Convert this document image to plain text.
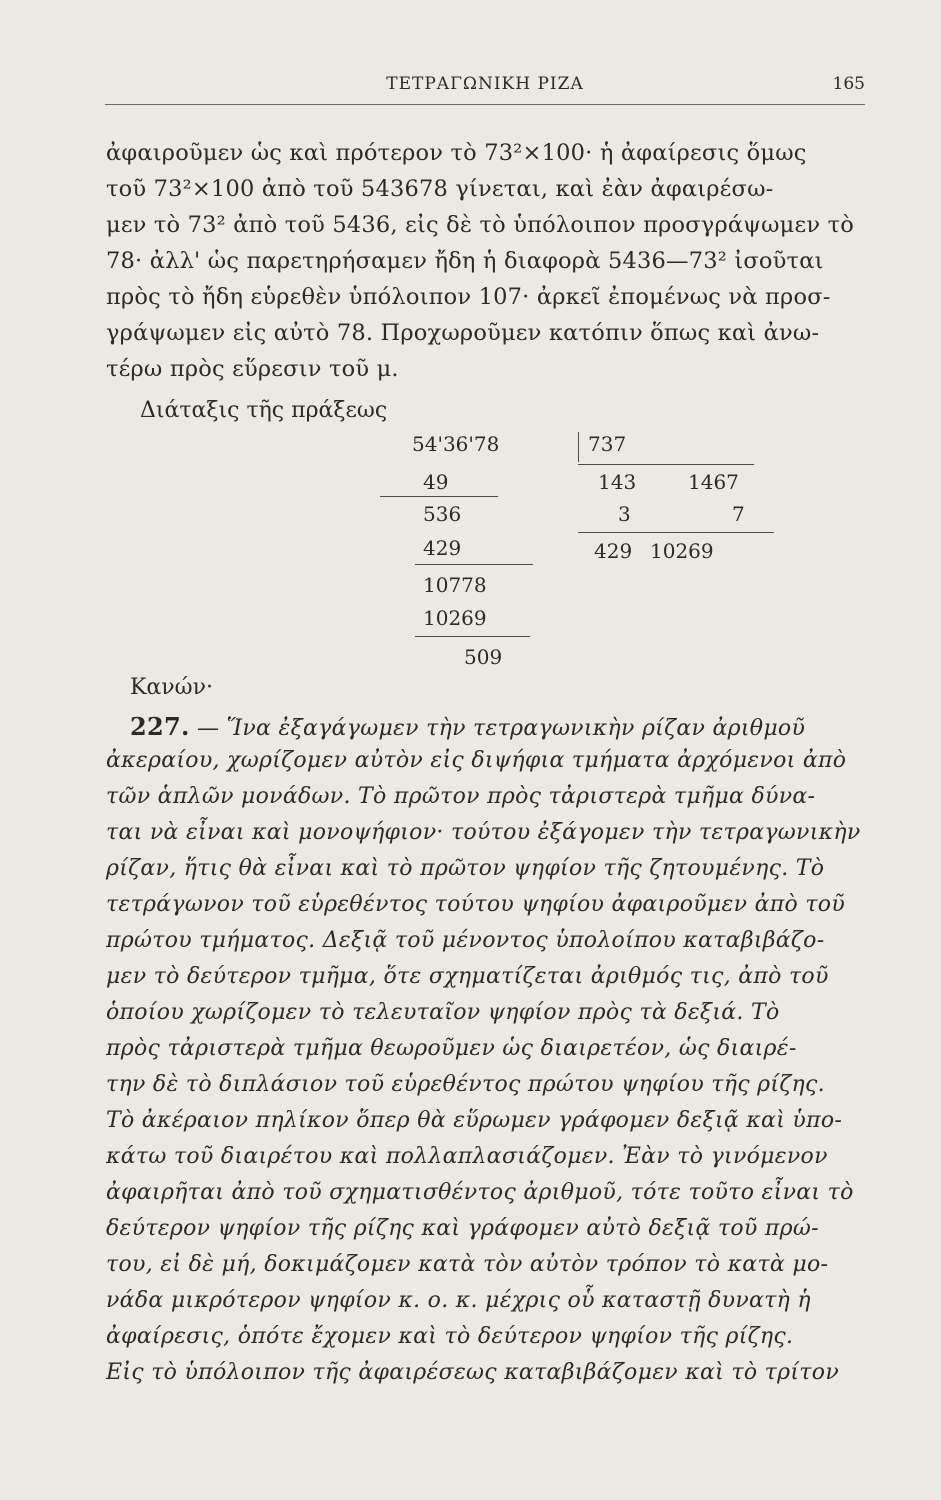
ΤΕΤΡΑΓΩΝΙΚΗ ΡΙΖΑ	165
ἀφαιροῦμεν ὡς καὶ πρότερον τὸ 73²×100· ἡ ἀφαίρεσις ὅμως
τοῦ 73²×100 ἀπὸ τοῦ 543678 γίνεται, καὶ ἐὰν ἀφαιρέσω-
μεν τὸ 73² ἀπὸ τοῦ 5436, εἰς δὲ τὸ ὑπόλοιπον προσγράψωμεν τὸ
78· ἀλλ' ὡς παρετηρήσαμεν ἤδη ἡ διαφορὰ 5436—73² ἰσοῦται
πρὸς τὸ ἤδη εὑρεθὲν ὑπόλοιπον 107· ἀρκεῖ ἐπομένως νὰ προσ-
γράψωμεν εἰς αὐτὸ 78. Προχωροῦμεν κατόπιν ὅπως καὶ ἀνω-
τέρω πρὸς εὕρεσιν τοῦ μ.
Διάταξις τῆς πράξεως
54'36'78
49
536
429
10778
10269
509
737
143	1467
3	7
429 10269
Κανών·
227. — Ἵνα ἐξαγάγωμεν τὴν τετραγωνικὴν ρίζαν ἀριθμοῦ
ἀκεραίου, χωρίζομεν αὐτὸν εἰς διψήφια τμήματα ἀρχόμενοι ἀπὸ
τῶν ἁπλῶν μονάδων. Τὸ πρῶτον πρὸς τἀριστερὰ τμῆμα δύνα-
ται νὰ εἶναι καὶ μονοψήφιον· τούτου ἐξάγομεν τὴν τετραγωνικὴν
ρίζαν, ἥτις θὰ εἶναι καὶ τὸ πρῶτον ψηφίον τῆς ζητουμένης. Τὸ
τετράγωνον τοῦ εὑρεθέντος τούτου ψηφίου ἀφαιροῦμεν ἀπὸ τοῦ
πρώτου τμήματος. Δεξιᾷ τοῦ μένοντος ὑπολοίπου καταβιβάζο-
μεν τὸ δεύτερον τμῆμα, ὅτε σχηματίζεται ἀριθμός τις, ἀπὸ τοῦ
ὁποίου χωρίζομεν τὸ τελευταῖον ψηφίον πρὸς τὰ δεξιά. Τὸ
πρὸς τἀριστερὰ τμῆμα θεωροῦμεν ὡς διαιρετέον, ὡς διαιρέ-
την δὲ τὸ διπλάσιον τοῦ εὑρεθέντος πρώτου ψηφίου τῆς ρίζης.
Τὸ ἀκέραιον πηλίκον ὅπερ θὰ εὕρωμεν γράφομεν δεξιᾷ καὶ ὑπο-
κάτω τοῦ διαιρέτου καὶ πολλαπλασιάζομεν. Ἐὰν τὸ γινόμενον
ἀφαιρῆται ἀπὸ τοῦ σχηματισθέντος ἀριθμοῦ, τότε τοῦτο εἶναι τὸ
δεύτερον ψηφίον τῆς ρίζης καὶ γράφομεν αὐτὸ δεξιᾷ τοῦ πρώ-
του, εἰ δὲ μή, δοκιμάζομεν κατὰ τὸν αὐτὸν τρόπον τὸ κατὰ μο-
νάδα μικρότερον ψηφίον κ. ο. κ. μέχρις οὗ καταστῇ δυνατὴ ἡ
ἀφαίρεσις, ὁπότε ἔχομεν καὶ τὸ δεύτερον ψηφίον τῆς ρίζης.
Εἰς τὸ ὑπόλοιπον τῆς ἀφαιρέσεως καταβιβάζομεν καὶ τὸ τρίτον
